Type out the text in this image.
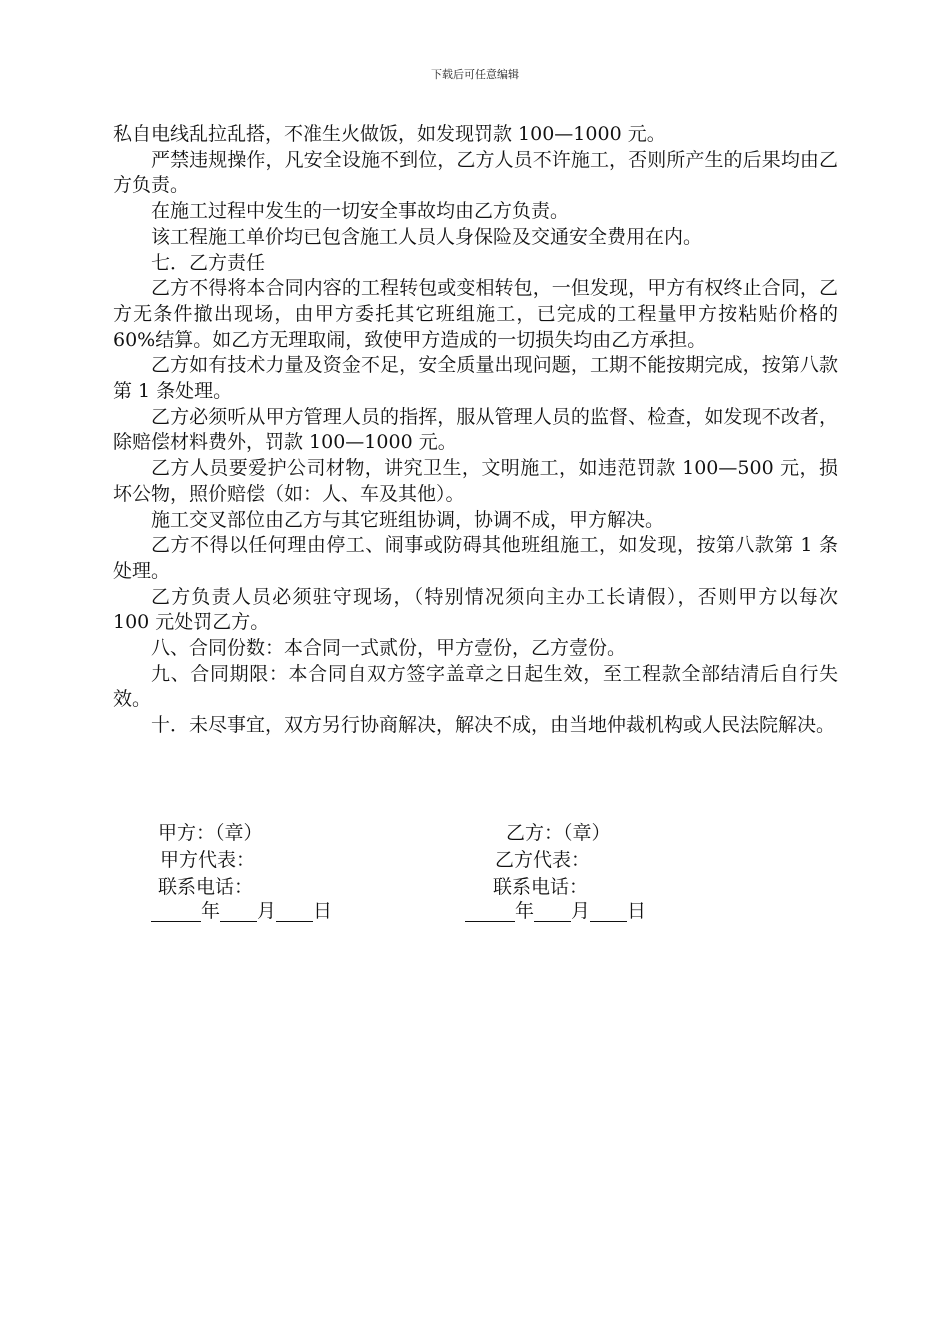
下载后可任意编辑

私自电线乱拉乱搭，不准生火做饭，如发现罚款 100—1000 元。

严禁违规操作，凡安全设施不到位，乙方人员不许施工，否则所产生的后果均由乙方负责。

在施工过程中发生的一切安全事故均由乙方负责。

该工程施工单价均已包含施工人员人身保险及交通安全费用在内。

七．乙方责任

乙方不得将本合同内容的工程转包或变相转包，一但发现，甲方有权终止合同，乙方无条件撤出现场，由甲方委托其它班组施工，已完成的工程量甲方按粘贴价格的 60%结算。如乙方无理取闹，致使甲方造成的一切损失均由乙方承担。

乙方如有技术力量及资金不足，安全质量出现问题，工期不能按期完成，按第八款第 1 条处理。

乙方必须听从甲方管理人员的指挥，服从管理人员的监督、检查，如发现不改者，除赔偿材料费外，罚款 100—1000 元。

乙方人员要爱护公司材物，讲究卫生，文明施工，如违范罚款 100—500 元，损坏公物，照价赔偿（如：人、车及其他）。

施工交叉部位由乙方与其它班组协调，协调不成，甲方解决。

乙方不得以任何理由停工、闹事或防碍其他班组施工，如发现，按第八款第 1 条处理。

乙方负责人员必须驻守现场，（特别情况须向主办工长请假），否则甲方以每次 100 元处罚乙方。

八、合同份数：本合同一式贰份，甲方壹份，乙方壹份。

九、合同期限：本合同自双方签字盖章之日起生效，至工程款全部结清后自行失效。

十．未尽事宜，双方另行协商解决，解决不成，由当地仲裁机构或人民法院解决。

甲方：（章）
甲方代表：
联系电话：
年 月 日
乙方：（章）
乙方代表：
联系电话：
年 月 日
